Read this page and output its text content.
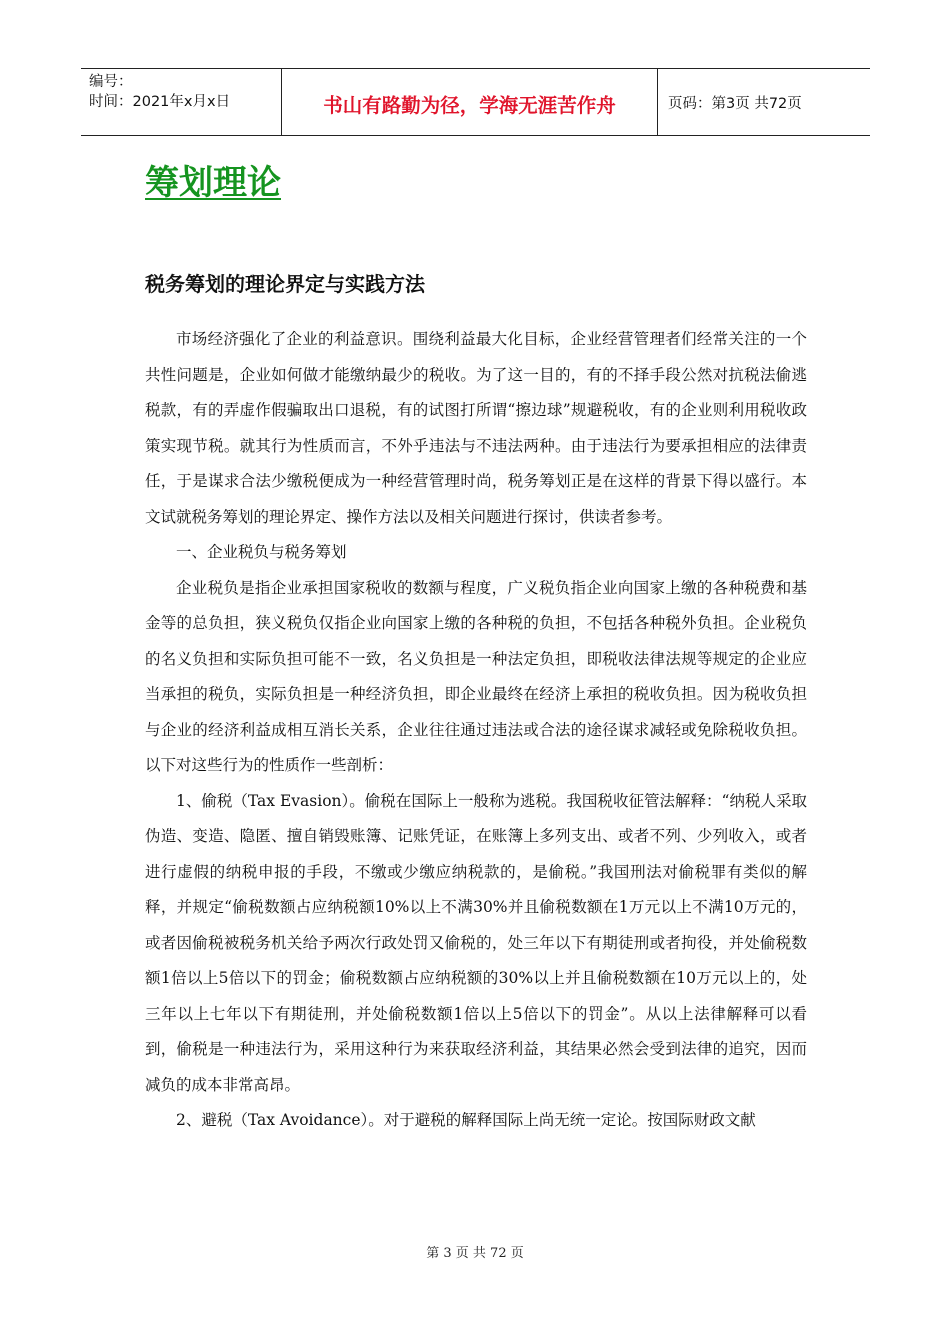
编号：
时间：2021年x月x日	书山有路勤为径，学海无涯苦作舟	页码：第3页 共72页
筹划理论
税务筹划的理论界定与实践方法

市场经济强化了企业的利益意识。围绕利益最大化目标，企业经营管理者们经常关注的一个共性问题是，企业如何做才能缴纳最少的税收。为了这一目的，有的不择手段公然对抗税法偷逃税款，有的弄虚作假骗取出口退税，有的试图打所谓“擦边球”规避税收，有的企业则利用税收政策实现节税。就其行为性质而言，不外乎违法与不违法两种。由于违法行为要承担相应的法律责任，于是谋求合法少缴税便成为一种经营管理时尚，税务筹划正是在这样的背景下得以盛行。本文试就税务筹划的理论界定、操作方法以及相关问题进行探讨，供读者参考。

一、企业税负与税务筹划

企业税负是指企业承担国家税收的数额与程度，广义税负指企业向国家上缴的各种税费和基金等的总负担，狭义税负仅指企业向国家上缴的各种税的负担，不包括各种税外负担。企业税负的名义负担和实际负担可能不一致，名义负担是一种法定负担，即税收法律法规等规定的企业应当承担的税负，实际负担是一种经济负担，即企业最终在经济上承担的税收负担。因为税收负担与企业的经济利益成相互消长关系，企业往往通过违法或合法的途径谋求减轻或免除税收负担。以下对这些行为的性质作一些剖析：

1、偷税（Tax Evasion）。偷税在国际上一般称为逃税。我国税收征管法解释：“纳税人采取伪造、变造、隐匿、擅自销毁账簿、记账凭证，在账簿上多列支出、或者不列、少列收入，或者进行虚假的纳税申报的手段，不缴或少缴应纳税款的，是偷税。”我国刑法对偷税罪有类似的解释，并规定“偷税数额占应纳税额10%以上不满30%并且偷税数额在1万元以上不满10万元的，或者因偷税被税务机关给予两次行政处罚又偷税的，处三年以下有期徒刑或者拘役，并处偷税数额1倍以上5倍以下的罚金；偷税数额占应纳税额的30%以上并且偷税数额在10万元以上的，处三年以上七年以下有期徒刑，并处偷税数额1倍以上5倍以下的罚金”。从以上法律解释可以看到，偷税是一种违法行为，采用这种行为来获取经济利益，其结果必然会受到法律的追究，因而减负的成本非常高昂。

2、避税（Tax Avoidance）。对于避税的解释国际上尚无统一定论。按国际财政文献

第 3 页 共 72 页
